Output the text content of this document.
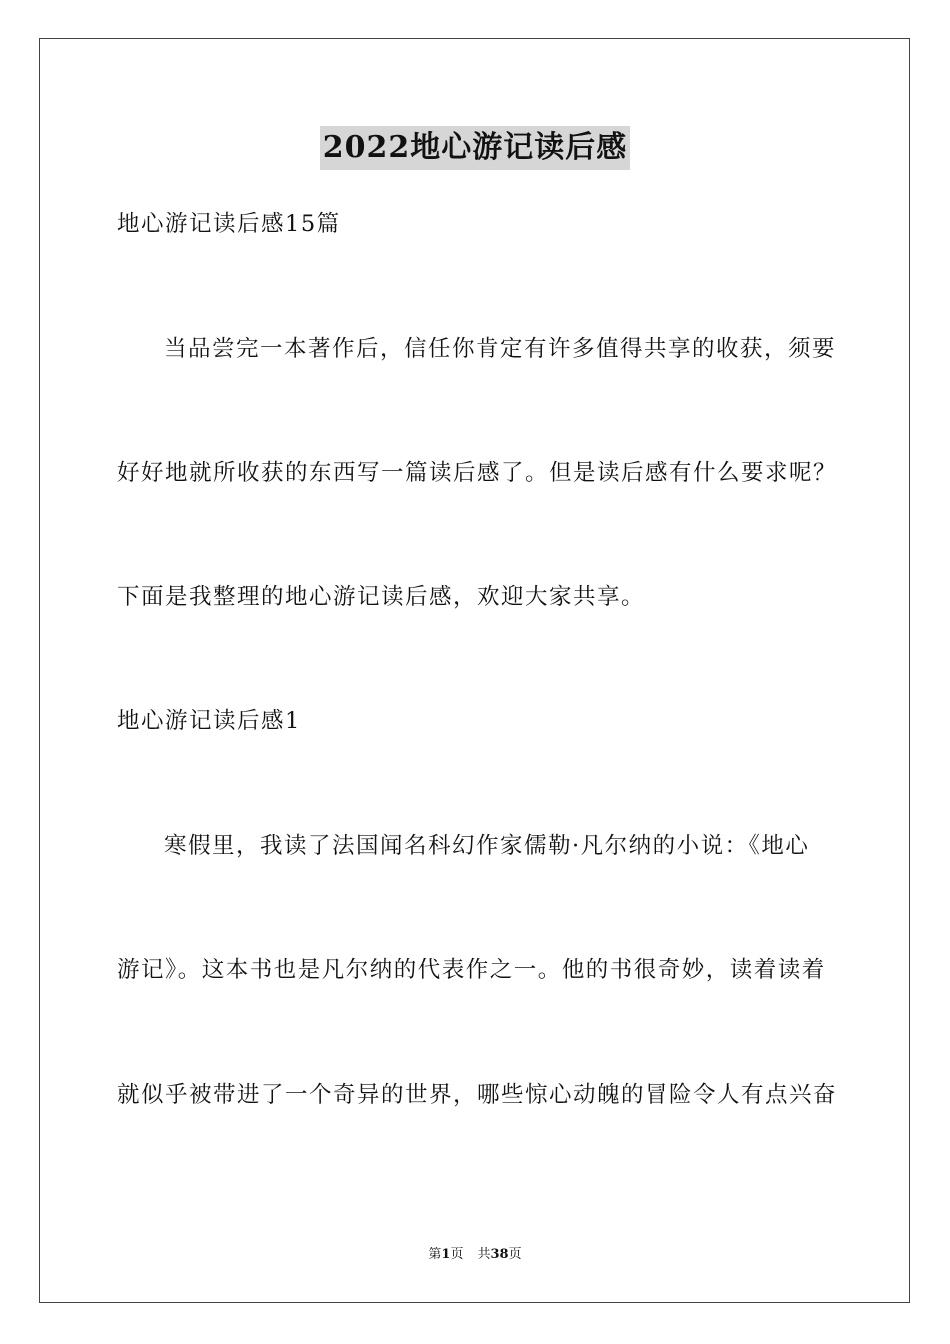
2022地心游记读后感
地心游记读后感15篇
当品尝完一本著作后，信任你肯定有许多值得共享的收获，须要
好好地就所收获的东西写一篇读后感了。但是读后感有什么要求呢？
下面是我整理的地心游记读后感，欢迎大家共享。
地心游记读后感1
寒假里，我读了法国闻名科幻作家儒勒·凡尔纳的小说：《地心
游记》。这本书也是凡尔纳的代表作之一。他的书很奇妙，读着读着
就似乎被带进了一个奇异的世界，哪些惊心动魄的冒险令人有点兴奋
第1页 共38页
